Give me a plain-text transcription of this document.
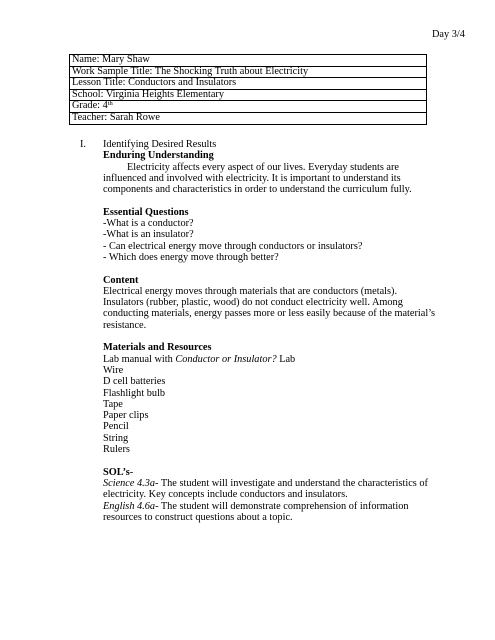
Day 3/4
Name: Mary Shaw
Work Sample Title: The Shocking Truth about Electricity
Lesson Title: Conductors and Insulators
School: Virginia Heights Elementary
Grade: 4th
Teacher: Sarah Rowe
I.	Identifying Desired Results
Enduring Understanding

Electricity affects every aspect of our lives. Everyday students are

influenced and involved with electricity. It is important to understand its

components and characteristics in order to understand the curriculum fully.

Essential Questions

-What is a conductor?

-What is an insulator?

- Can electrical energy move through conductors or insulators?

- Which does energy move through better?

Content

Electrical energy moves through materials that are conductors (metals).

Insulators (rubber, plastic, wood) do not conduct electricity well. Among

conducting materials, energy passes more or less easily because of the material’s

resistance.

Materials and Resources

Lab manual with Conductor or Insulator? Lab

Wire

D cell batteries

Flashlight bulb

Tape

Paper clips

Pencil

String

Rulers

SOL’s-

Science 4.3a- The student will investigate and understand the characteristics of

electricity. Key concepts include conductors and insulators.

English 4.6a- The student will demonstrate comprehension of information

resources to construct questions about a topic.
